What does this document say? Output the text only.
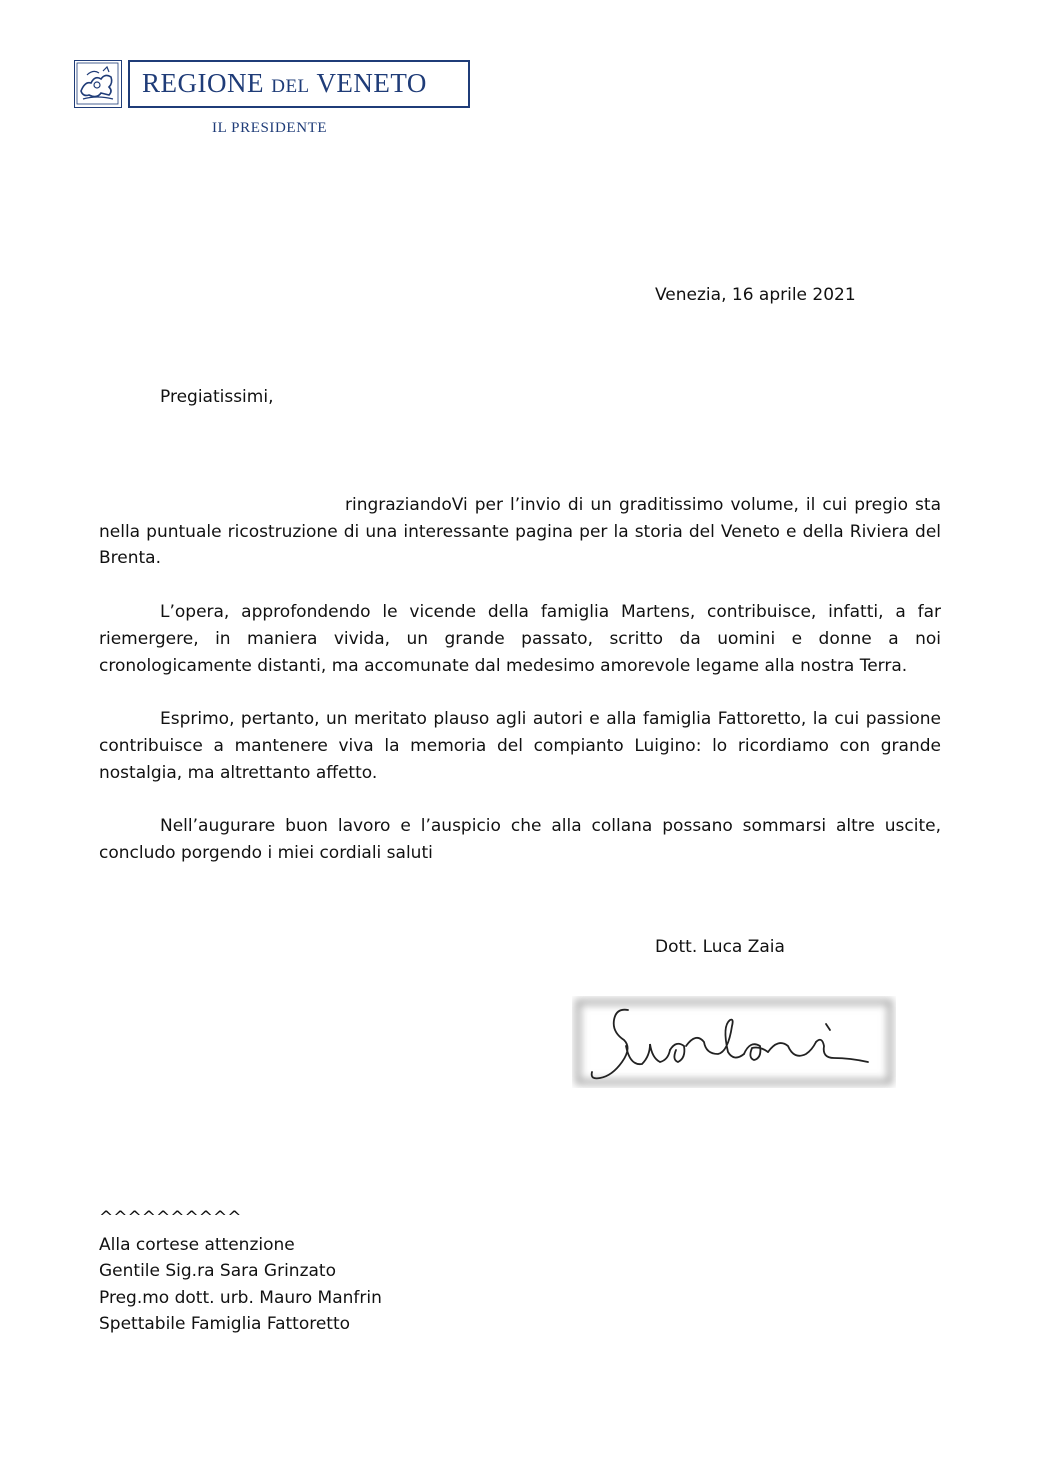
REGIONE DEL VENETO
IL PRESIDENTE
Venezia, 16 aprile 2021
Pregiatissimi,

ringraziandoVi per l’invio di un graditissimo volume, il cui pregio sta nella puntuale ricostruzione di una interessante pagina per la storia del Veneto e della Riviera del Brenta.

L’opera, approfondendo le vicende della famiglia Martens, contribuisce, infatti, a far riemergere, in maniera vivida, un grande passato, scritto da uomini e donne a noi cronologicamente distanti, ma accomunate dal medesimo amorevole legame alla nostra Terra.

Esprimo, pertanto, un meritato plauso agli autori e alla famiglia Fattoretto, la cui passione contribuisce a mantenere viva la memoria del compianto Luigino: lo ricordiamo con grande nostalgia, ma altrettanto affetto.

Nell’augurare buon lavoro e l’auspicio che alla collana possano sommarsi altre uscite, concludo porgendo i miei cordiali saluti

Dott. Luca Zaia
^^^^^^^^^^
Alla cortese attenzione
Gentile Sig.ra Sara Grinzato
Preg.mo dott. urb. Mauro Manfrin
Spettabile Famiglia Fattoretto
